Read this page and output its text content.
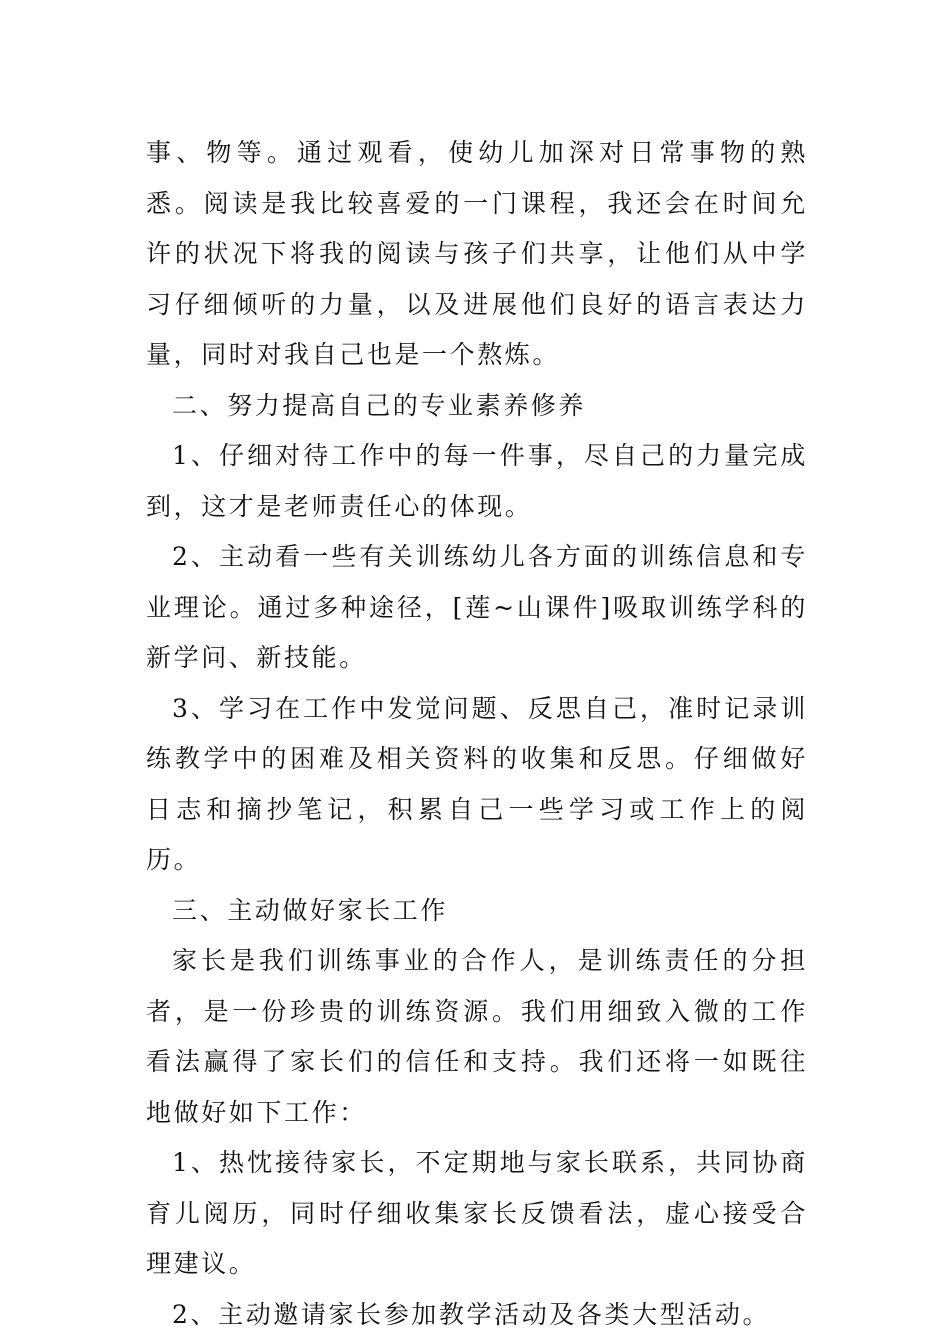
事、物等。通过观看，使幼儿加深对日常事物的熟悉。阅读是我比较喜爱的一门课程，我还会在时间允许的状况下将我的阅读与孩子们共享，让他们从中学习仔细倾听的力量，以及进展他们良好的语言表达力量，同时对我自己也是一个熬炼。

二、努力提高自己的专业素养修养

1、仔细对待工作中的每一件事，尽自己的力量完成到，这才是老师责任心的体现。

2、主动看一些有关训练幼儿各方面的训练信息和专业理论。通过多种途径，[莲~山课件]吸取训练学科的新学问、新技能。

3、学习在工作中发觉问题、反思自己，准时记录训练教学中的困难及相关资料的收集和反思。仔细做好日志和摘抄笔记，积累自己一些学习或工作上的阅历。

三、主动做好家长工作

家长是我们训练事业的合作人，是训练责任的分担者，是一份珍贵的训练资源。我们用细致入微的工作看法赢得了家长们的信任和支持。我们还将一如既往地做好如下工作：

1、热忱接待家长，不定期地与家长联系，共同协商育儿阅历，同时仔细收集家长反馈看法，虚心接受合理建议。

2、主动邀请家长参加教学活动及各类大型活动。
